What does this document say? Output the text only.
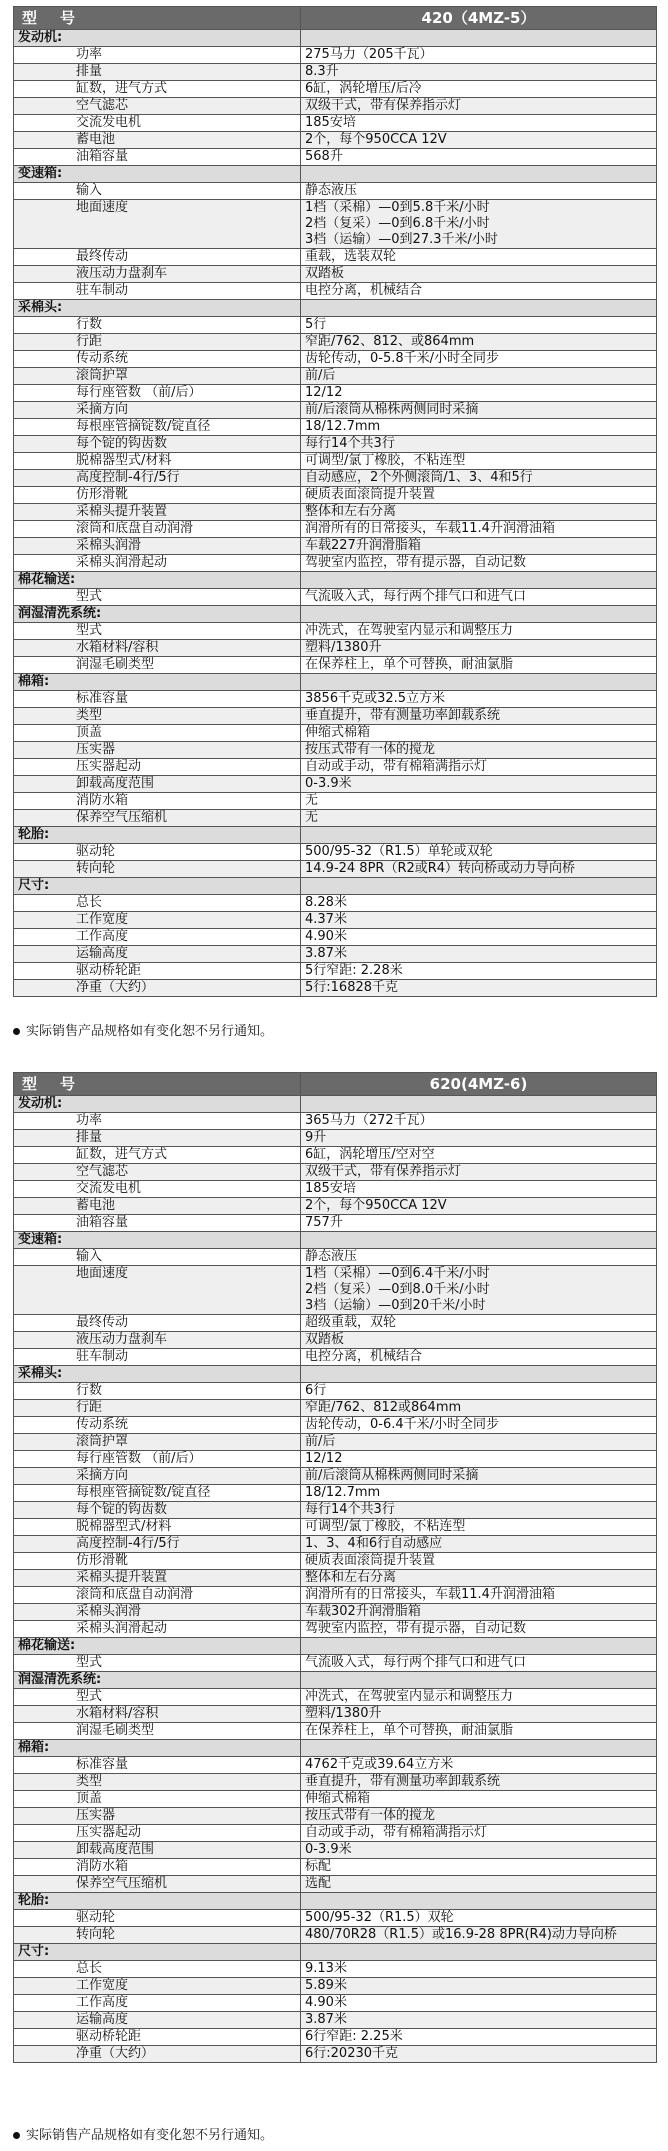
型　号	420（4MZ-5）
发动机:	
功率	275马力（205千瓦）
排量	8.3升
缸数，进气方式	6缸，涡轮增压/后冷
空气滤芯	双级干式，带有保养指示灯
交流发电机	185安培
蓄电池	2个，每个950CCA 12V
油箱容量	568升
变速箱:	
输入	静态液压
地面速度	1档（采棉）—0到5.8千米/小时
2档（复采）—0到6.8千米/小时
3档（运输）—0到27.3千米/小时
最终传动	重载，选装双轮
液压动力盘刹车	双踏板
驻车制动	电控分离，机械结合
采棉头:	
行数	5行
行距	窄距/762、812、或864mm
传动系统	齿轮传动，0-5.8千米/小时全同步
滚筒护罩	前/后
每行座管数 （前/后）	12/12
采摘方向	前/后滚筒从棉株两侧同时采摘
每根座管摘锭数/锭直径	18/12.7mm
每个锭的钩齿数	每行14个共3行
脱棉器型式/材料	可调型/氯丁橡胶，不粘连型
高度控制-4行/5行	自动感应，2个外侧滚筒/1、3、4和5行
仿形滑靴	硬质表面滚筒提升装置
采棉头提升装置	整体和左右分离
滚筒和底盘自动润滑	润滑所有的日常接头，车载11.4升润滑油箱
采棉头润滑	车载227升润滑脂箱
采棉头润滑起动	驾驶室内监控，带有提示器，自动记数
棉花输送:	
型式	气流吸入式，每行两个排气口和进气口
润湿清洗系统:	
型式	冲洗式，在驾驶室内显示和调整压力
水箱材料/容积	塑料/1380升
润湿毛刷类型	在保养柱上，单个可替换，耐油氯脂
棉箱:	
标准容量	3856千克或32.5立方米
类型	垂直提升，带有测量功率卸载系统
顶盖	伸缩式棉箱
压实器	按压式带有一体的搅龙
压实器起动	自动或手动，带有棉箱满指示灯
卸载高度范围	0-3.9米
消防水箱	无
保养空气压缩机	无
轮胎:	
驱动轮	500/95-32（R1.5）单轮或双轮
转向轮	14.9-24 8PR（R2或R4）转向桥或动力导向桥
尺寸:	
总长	8.28米
工作宽度	4.37米
工作高度	4.90米
运输高度	3.87米
驱动桥轮距	5行窄距: 2.28米
净重（大约）	5行:16828千克
实际销售产品规格如有变化恕不另行通知。
型　号	620(4MZ-6)
发动机:	
功率	365马力（272千瓦）
排量	9升
缸数，进气方式	6缸，涡轮增压/空对空
空气滤芯	双级干式，带有保养指示灯
交流发电机	185安培
蓄电池	2个，每个950CCA 12V
油箱容量	757升
变速箱:	
输入	静态液压
地面速度	1档（采棉）—0到6.4千米/小时
2档（复采）—0到8.0千米/小时
3档（运输）—0到20千米/小时
最终传动	超级重载，双轮
液压动力盘刹车	双踏板
驻车制动	电控分离，机械结合
采棉头:	
行数	6行
行距	窄距/762、812或864mm
传动系统	齿轮传动，0-6.4千米/小时全同步
滚筒护罩	前/后
每行座管数 （前/后）	12/12
采摘方向	前/后滚筒从棉株两侧同时采摘
每根座管摘锭数/锭直径	18/12.7mm
每个锭的钩齿数	每行14个共3行
脱棉器型式/材料	可调型/氯丁橡胶，不粘连型
高度控制-4行/5行	1、3、4和6行自动感应
仿形滑靴	硬质表面滚筒提升装置
采棉头提升装置	整体和左右分离
滚筒和底盘自动润滑	润滑所有的日常接头，车载11.4升润滑油箱
采棉头润滑	车载302升润滑脂箱
采棉头润滑起动	驾驶室内监控，带有提示器，自动记数
棉花输送:	
型式	气流吸入式，每行两个排气口和进气口
润湿清洗系统:	
型式	冲洗式，在驾驶室内显示和调整压力
水箱材料/容积	塑料/1380升
润湿毛刷类型	在保养柱上，单个可替换，耐油氯脂
棉箱:	
标准容量	4762千克或39.64立方米
类型	垂直提升，带有测量功率卸载系统
顶盖	伸缩式棉箱
压实器	按压式带有一体的搅龙
压实器起动	自动或手动，带有棉箱满指示灯
卸载高度范围	0-3.9米
消防水箱	标配
保养空气压缩机	选配
轮胎:	
驱动轮	500/95-32（R1.5）双轮
转向轮	480/70R28（R1.5）或16.9-28 8PR(R4)动力导向桥
尺寸:	
总长	9.13米
工作宽度	5.89米
工作高度	4.90米
运输高度	3.87米
驱动桥轮距	6行窄距: 2.25米
净重（大约）	6行:20230千克
实际销售产品规格如有变化恕不另行通知。
